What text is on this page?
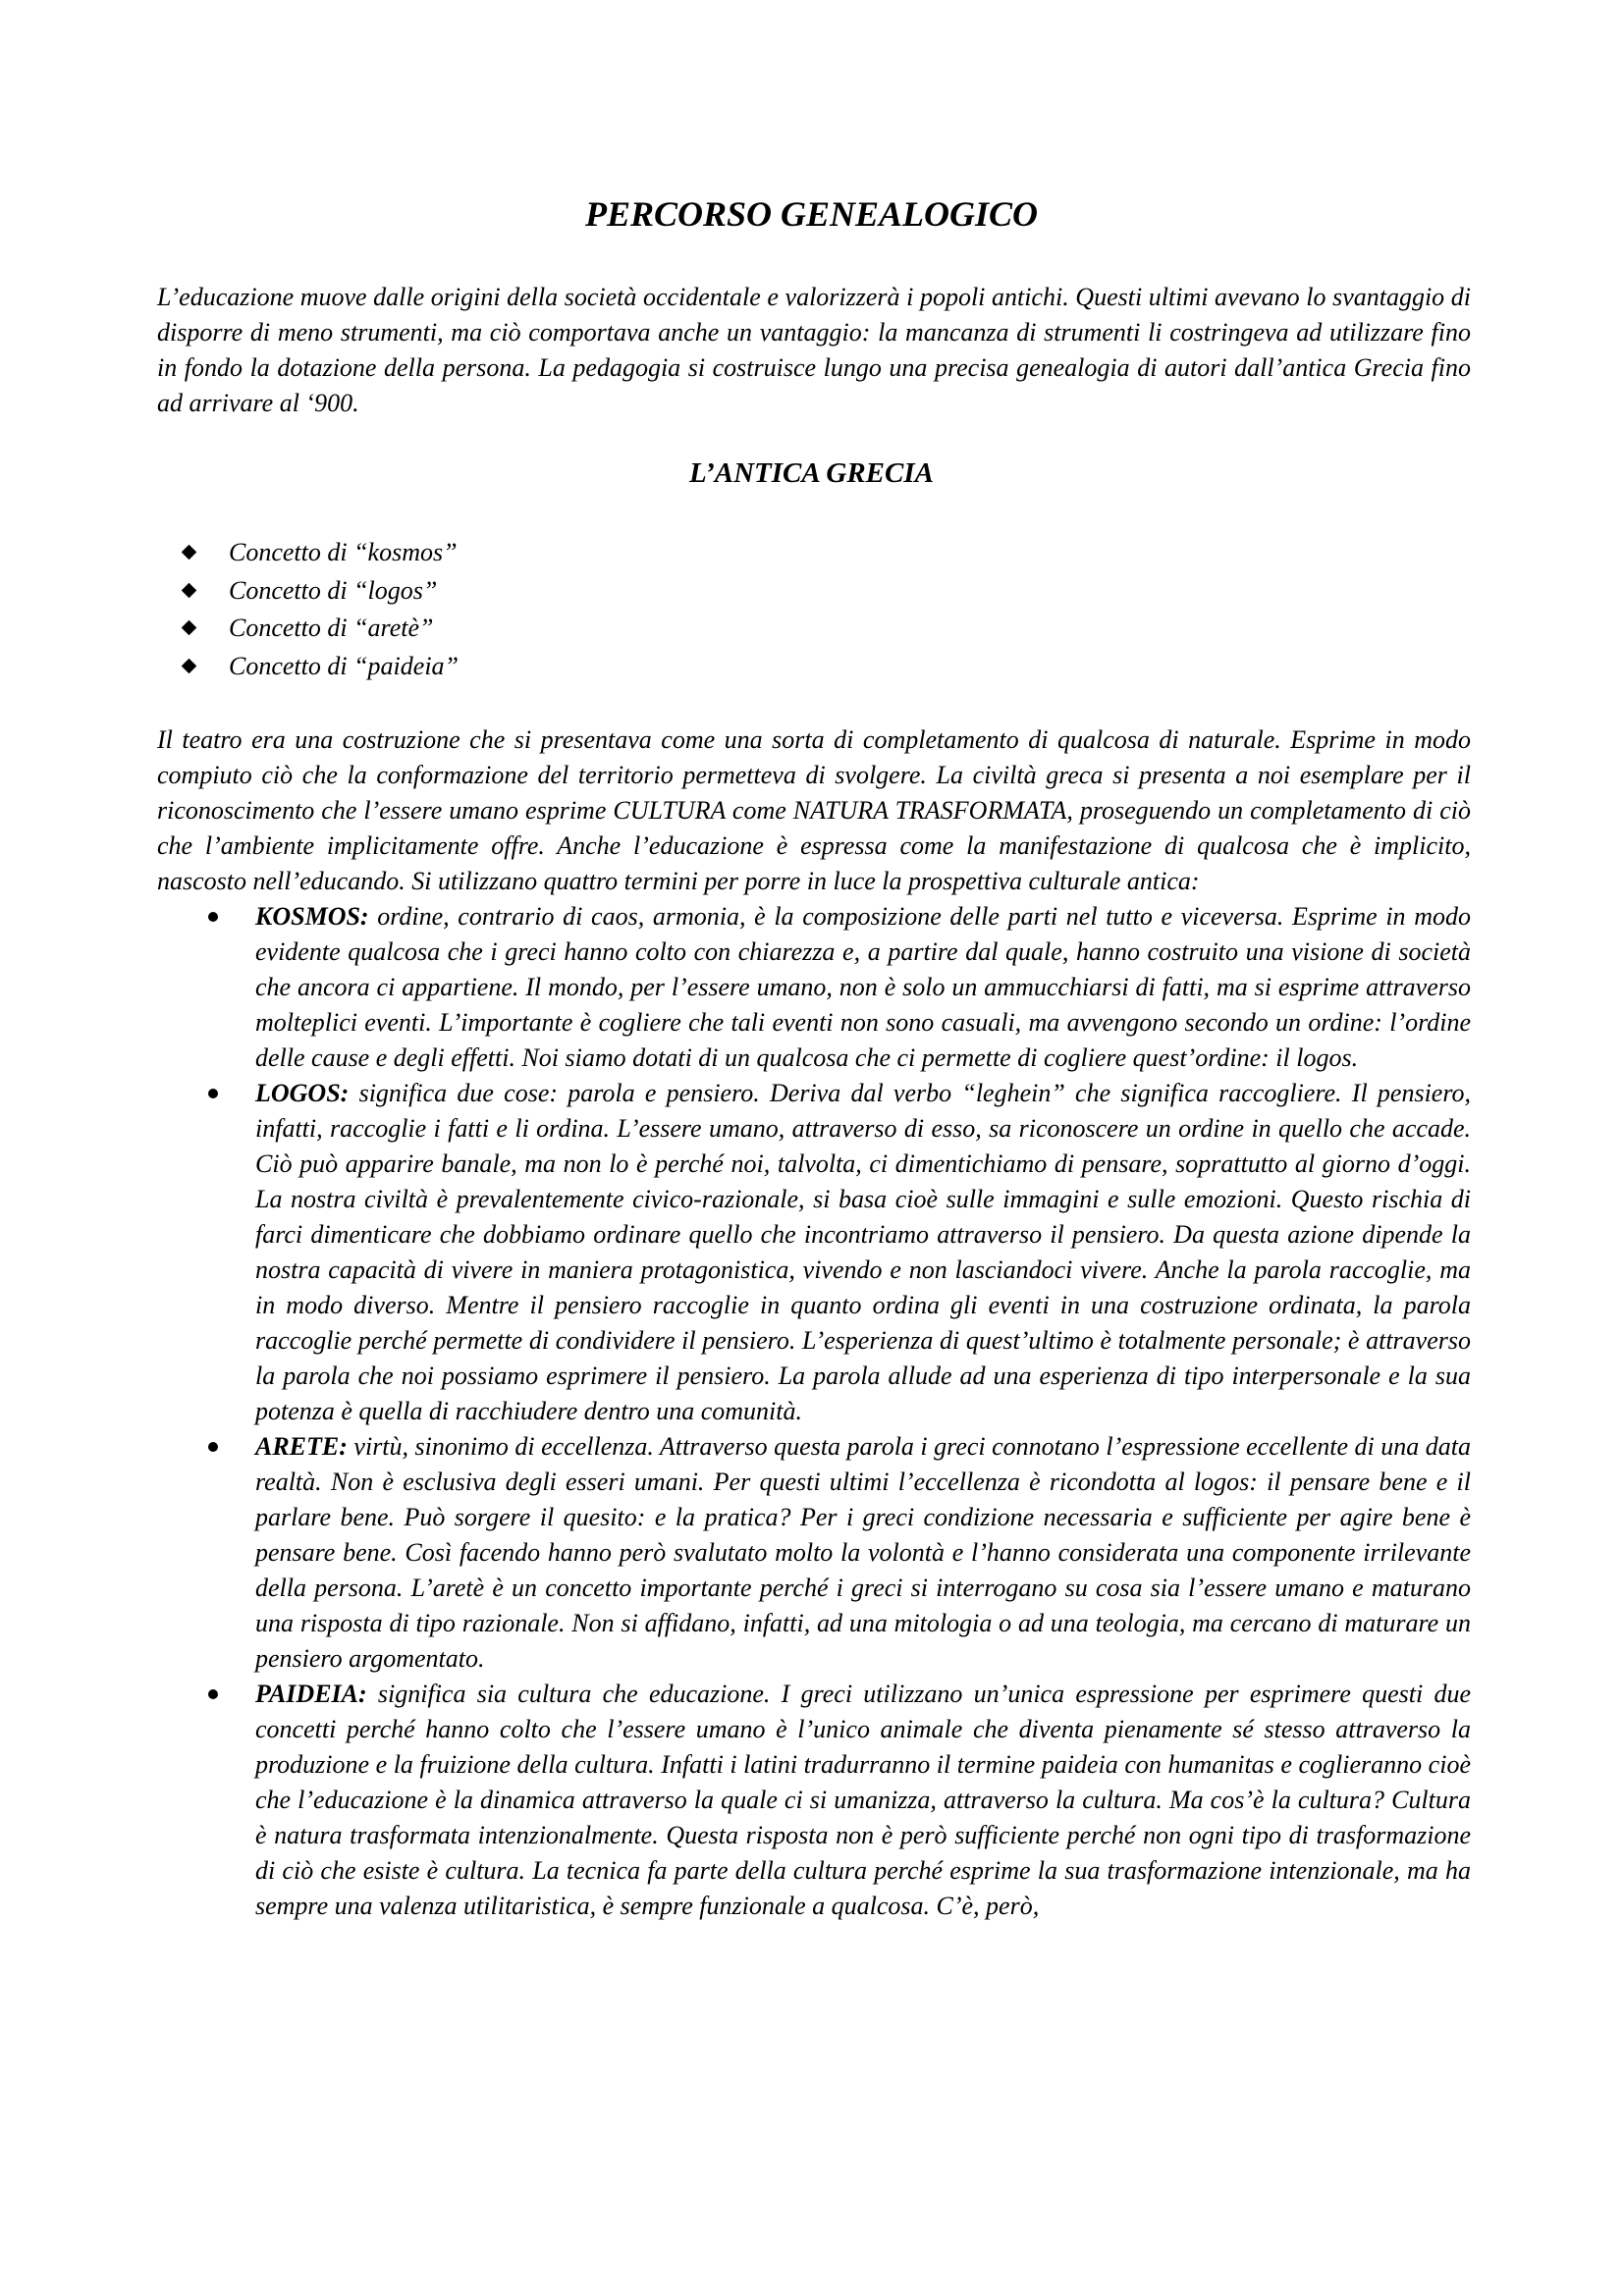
PERCORSO GENEALOGICO
L’educazione muove dalle origini della società occidentale e valorizzerà i popoli antichi. Questi ultimi avevano lo svantaggio di disporre di meno strumenti, ma ciò comportava anche un vantaggio: la mancanza di strumenti li costringeva ad utilizzare fino in fondo la dotazione della persona. La pedagogia si costruisce lungo una precisa genealogia di autori dall’antica Grecia fino ad arrivare al ‘900.
L’ANTICA GRECIA
Concetto di “kosmos”
Concetto di “logos”
Concetto di “aretè”
Concetto di “paideia”

Il teatro era una costruzione che si presentava come una sorta di completamento di qualcosa di naturale. Esprime in modo compiuto ciò che la conformazione del territorio permetteva di svolgere. La civiltà greca si presenta a noi esemplare per il riconoscimento che l’essere umano esprime CULTURA come NATURA TRASFORMATA, proseguendo un completamento di ciò che l’ambiente implicitamente offre. Anche l’educazione è espressa come la manifestazione di qualcosa che è implicito, nascosto nell’educando. Si utilizzano quattro termini per porre in luce la prospettiva culturale antica:

KOSMOS: ordine, contrario di caos, armonia, è la composizione delle parti nel tutto e viceversa. Esprime in modo evidente qualcosa che i greci hanno colto con chiarezza e, a partire dal quale, hanno costruito una visione di società che ancora ci appartiene. Il mondo, per l’essere umano, non è solo un ammucchiarsi di fatti, ma si esprime attraverso molteplici eventi. L’importante è cogliere che tali eventi non sono casuali, ma avvengono secondo un ordine: l’ordine delle cause e degli effetti. Noi siamo dotati di un qualcosa che ci permette di cogliere quest’ordine: il logos.
LOGOS: significa due cose: parola e pensiero. Deriva dal verbo “leghein” che significa raccogliere. Il pensiero, infatti, raccoglie i fatti e li ordina. L’essere umano, attraverso di esso, sa riconoscere un ordine in quello che accade. Ciò può apparire banale, ma non lo è perché noi, talvolta, ci dimentichiamo di pensare, soprattutto al giorno d’oggi. La nostra civiltà è prevalentemente civico-razionale, si basa cioè sulle immagini e sulle emozioni. Questo rischia di farci dimenticare che dobbiamo ordinare quello che incontriamo attraverso il pensiero. Da questa azione dipende la nostra capacità di vivere in maniera protagonistica, vivendo e non lasciandoci vivere. Anche la parola raccoglie, ma in modo diverso. Mentre il pensiero raccoglie in quanto ordina gli eventi in una costruzione ordinata, la parola raccoglie perché permette di condividere il pensiero. L’esperienza di quest’ultimo è totalmente personale; è attraverso la parola che noi possiamo esprimere il pensiero. La parola allude ad una esperienza di tipo interpersonale e la sua potenza è quella di racchiudere dentro una comunità.
ARETE: virtù, sinonimo di eccellenza. Attraverso questa parola i greci connotano l’espressione eccellente di una data realtà. Non è esclusiva degli esseri umani. Per questi ultimi l’eccellenza è ricondotta al logos: il pensare bene e il parlare bene. Può sorgere il quesito: e la pratica? Per i greci condizione necessaria e sufficiente per agire bene è pensare bene. Così facendo hanno però svalutato molto la volontà e l’hanno considerata una componente irrilevante della persona. L’aretè è un concetto importante perché i greci si interrogano su cosa sia l’essere umano e maturano una risposta di tipo razionale. Non si affidano, infatti, ad una mitologia o ad una teologia, ma cercano di maturare un pensiero argomentato.
PAIDEIA: significa sia cultura che educazione. I greci utilizzano un’unica espressione per esprimere questi due concetti perché hanno colto che l’essere umano è l’unico animale che diventa pienamente sé stesso attraverso la produzione e la fruizione della cultura. Infatti i latini tradurranno il termine paideia con humanitas e coglieranno cioè che l’educazione è la dinamica attraverso la quale ci si umanizza, attraverso la cultura. Ma cos’è la cultura? Cultura è natura trasformata intenzionalmente. Questa risposta non è però sufficiente perché non ogni tipo di trasformazione di ciò che esiste è cultura. La tecnica fa parte della cultura perché esprime la sua trasformazione intenzionale, ma ha sempre una valenza utilitaristica, è sempre funzionale a qualcosa. C’è, però,
